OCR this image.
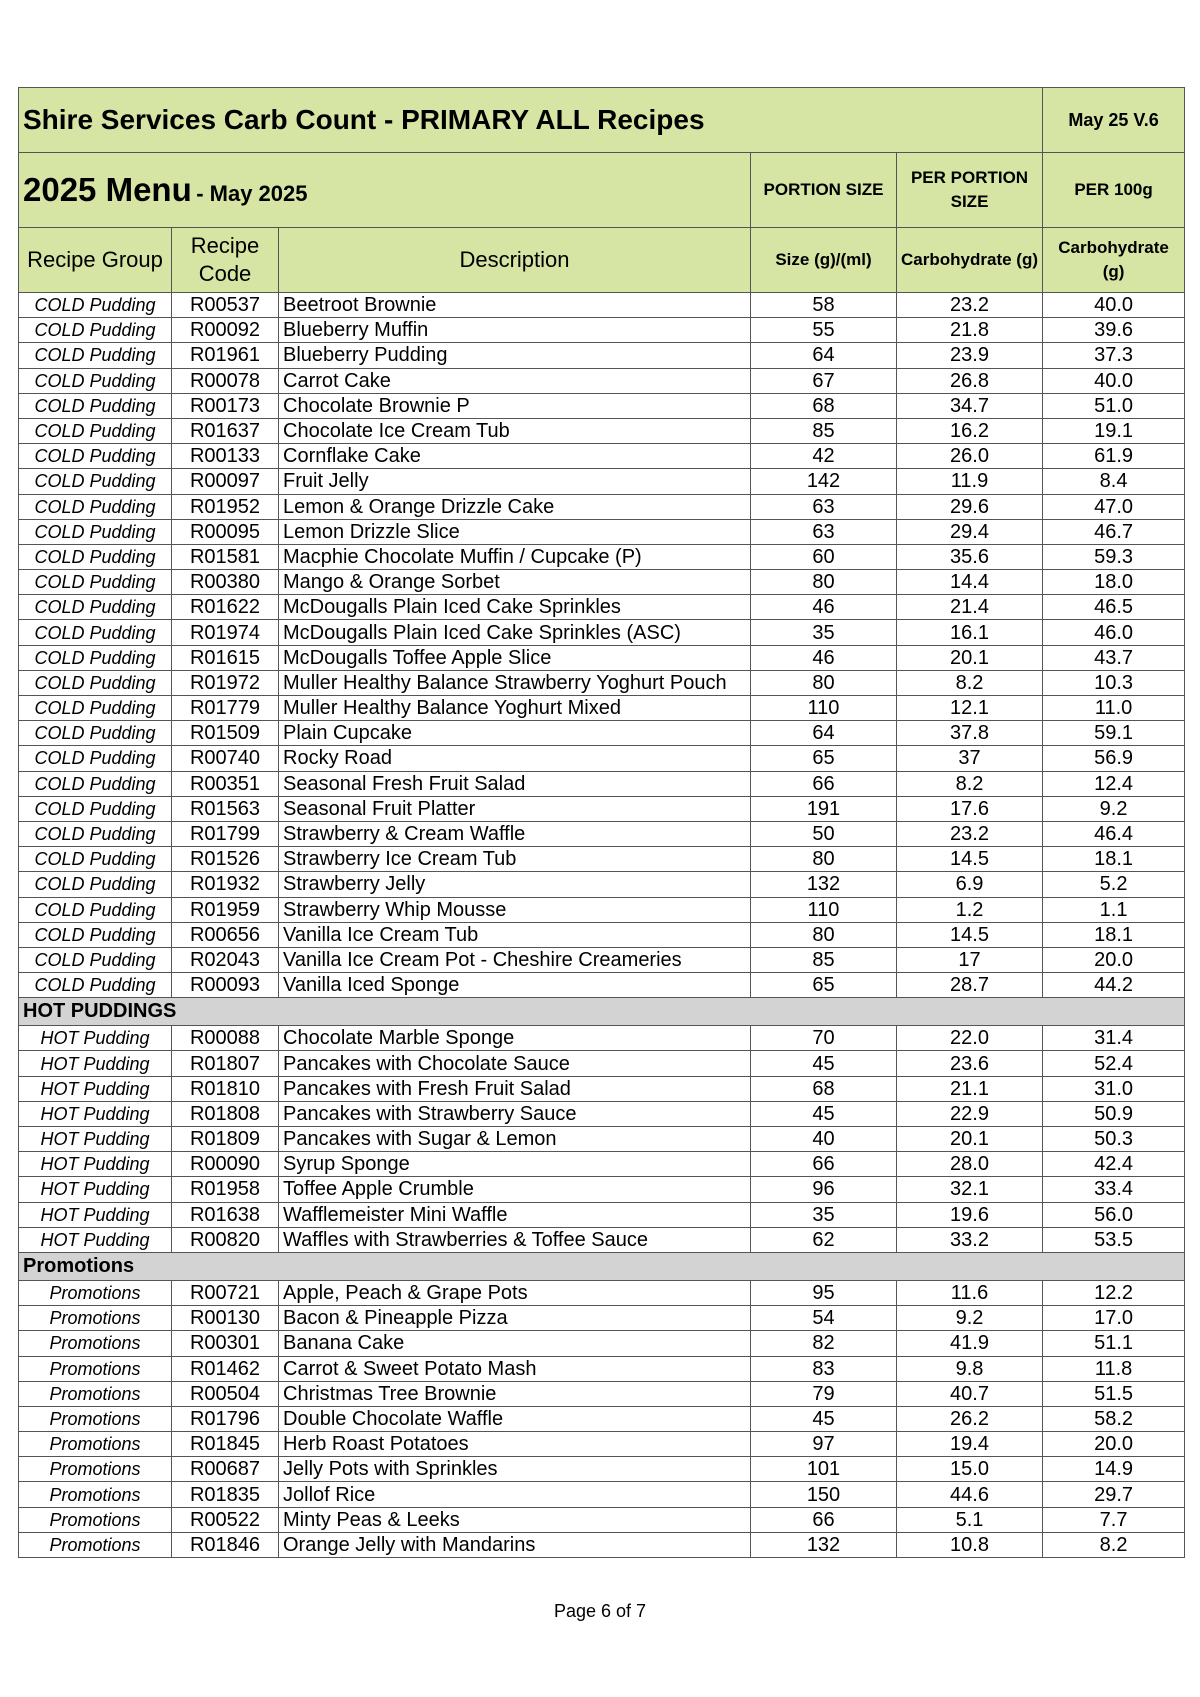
Shire Services Carb Count - PRIMARY ALL Recipes					May 25 V.6
2025 Menu - May 2025			PORTION SIZE	PER PORTION SIZE	PER 100g
Recipe Group	Recipe Code	Description	Size (g)/(ml)	Carbohydrate (g)	Carbohydrate (g)
COLD Pudding	R00537	Beetroot Brownie	58	23.2	40.0
COLD Pudding	R00092	Blueberry Muffin	55	21.8	39.6
COLD Pudding	R01961	Blueberry Pudding	64	23.9	37.3
COLD Pudding	R00078	Carrot Cake	67	26.8	40.0
COLD Pudding	R00173	Chocolate Brownie P	68	34.7	51.0
COLD Pudding	R01637	Chocolate Ice Cream Tub	85	16.2	19.1
COLD Pudding	R00133	Cornflake Cake	42	26.0	61.9
COLD Pudding	R00097	Fruit Jelly	142	11.9	8.4
COLD Pudding	R01952	Lemon & Orange Drizzle Cake	63	29.6	47.0
COLD Pudding	R00095	Lemon Drizzle Slice	63	29.4	46.7
COLD Pudding	R01581	Macphie Chocolate Muffin / Cupcake (P)	60	35.6	59.3
COLD Pudding	R00380	Mango & Orange Sorbet	80	14.4	18.0
COLD Pudding	R01622	McDougalls Plain Iced Cake Sprinkles	46	21.4	46.5
COLD Pudding	R01974	McDougalls Plain Iced Cake Sprinkles (ASC)	35	16.1	46.0
COLD Pudding	R01615	McDougalls Toffee Apple Slice	46	20.1	43.7
COLD Pudding	R01972	Muller Healthy Balance Strawberry Yoghurt Pouch	80	8.2	10.3
COLD Pudding	R01779	Muller Healthy Balance Yoghurt Mixed	110	12.1	11.0
COLD Pudding	R01509	Plain Cupcake	64	37.8	59.1
COLD Pudding	R00740	Rocky Road	65	37	56.9
COLD Pudding	R00351	Seasonal Fresh Fruit Salad	66	8.2	12.4
COLD Pudding	R01563	Seasonal Fruit Platter	191	17.6	9.2
COLD Pudding	R01799	Strawberry & Cream Waffle	50	23.2	46.4
COLD Pudding	R01526	Strawberry Ice Cream Tub	80	14.5	18.1
COLD Pudding	R01932	Strawberry Jelly	132	6.9	5.2
COLD Pudding	R01959	Strawberry Whip Mousse	110	1.2	1.1
COLD Pudding	R00656	Vanilla Ice Cream Tub	80	14.5	18.1
COLD Pudding	R02043	Vanilla Ice Cream Pot - Cheshire Creameries	85	17	20.0
COLD Pudding	R00093	Vanilla Iced Sponge	65	28.7	44.2
HOT PUDDINGS					
HOT Pudding	R00088	Chocolate Marble Sponge	70	22.0	31.4
HOT Pudding	R01807	Pancakes with Chocolate Sauce	45	23.6	52.4
HOT Pudding	R01810	Pancakes with Fresh Fruit Salad	68	21.1	31.0
HOT Pudding	R01808	Pancakes with Strawberry Sauce	45	22.9	50.9
HOT Pudding	R01809	Pancakes with Sugar & Lemon	40	20.1	50.3
HOT Pudding	R00090	Syrup Sponge	66	28.0	42.4
HOT Pudding	R01958	Toffee Apple Crumble	96	32.1	33.4
HOT Pudding	R01638	Wafflemeister Mini Waffle	35	19.6	56.0
HOT Pudding	R00820	Waffles with Strawberries & Toffee Sauce	62	33.2	53.5
Promotions					
Promotions	R00721	Apple, Peach & Grape Pots	95	11.6	12.2
Promotions	R00130	Bacon & Pineapple Pizza	54	9.2	17.0
Promotions	R00301	Banana Cake	82	41.9	51.1
Promotions	R01462	Carrot & Sweet Potato Mash	83	9.8	11.8
Promotions	R00504	Christmas Tree Brownie	79	40.7	51.5
Promotions	R01796	Double Chocolate Waffle	45	26.2	58.2
Promotions	R01845	Herb Roast Potatoes	97	19.4	20.0
Promotions	R00687	Jelly Pots with Sprinkles	101	15.0	14.9
Promotions	R01835	Jollof Rice	150	44.6	29.7
Promotions	R00522	Minty Peas & Leeks	66	5.1	7.7
Promotions	R01846	Orange Jelly with Mandarins	132	10.8	8.2
Page 6 of 7
